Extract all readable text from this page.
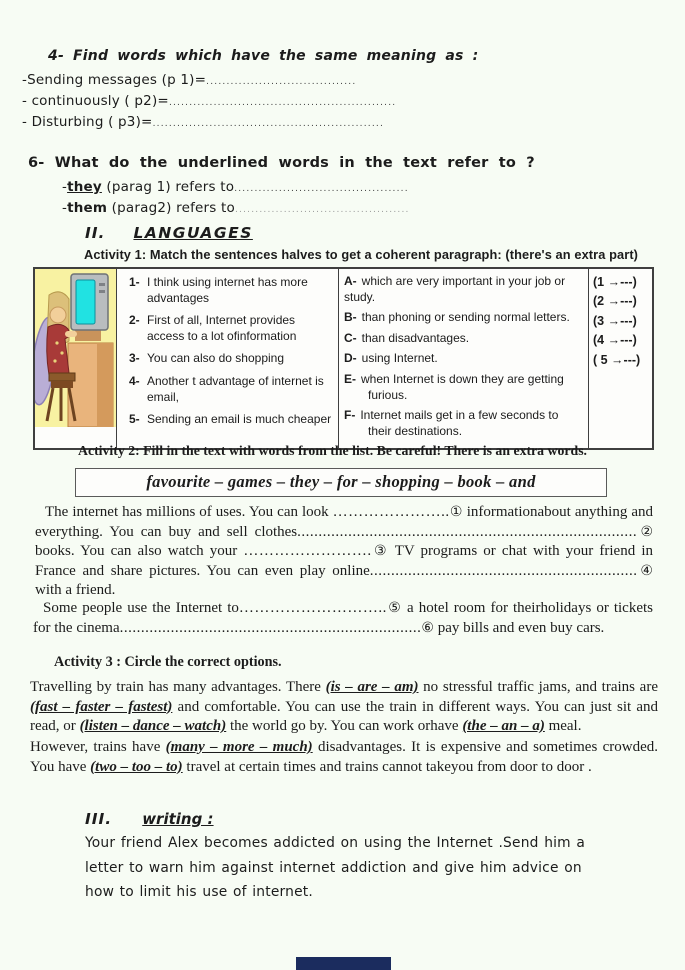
4- Find words which have the same meaning as :
-Sending messages (p 1)=.....................................
- continuously ( p2)=........................................................
- Disturbing ( p3)=.........................................................
6- What do the underlined words in the text refer to ?
-they (parag 1) refers to...........................................
-them (parag2) refers to...........................................
II. LANGUAGES
Activity 1: Match the sentences halves to get a coherent paragraph: (there's an extra part)
1- I think using internet has more advantages
2- First of all, Internet provides access to a lot ofinformation
3- You can also do shopping
4- Another t advantage of internet is email,
5- Sending an email is much cheaper
A- which are very important in your job or study.
B- than phoning or sending normal letters.
C- than disadvantages.
D- using Internet.
E- when Internet is down they are getting furious.
F- Internet mails get in a few seconds to their destinations.
(1 →---)
(2 →---)
(3 →---)
(4 →---)
( 5 →---)
Activity 2: Fill in the text with words from the list. Be careful! There is an extra words.
favourite – games – they – for – shopping – book – and
The internet has millions of uses. You can look …………………..① informationabout anything and everything. You can buy and sell clothes................................................................................② books. You can also watch your …………………….③ TV programs or chat with your friend in France and share pictures. You can even play online...............................................................④ with a friend.
Some people use the Internet to………………………..⑤ a hotel room for theirholidays or tickets for the cinema.......................................................................⑥ pay bills and even buy cars.
Activity 3 : Circle the correct options.
Travelling by train has many advantages. There (is – are – am) no stressful traffic jams, and trains are (fast – faster – fastest) and comfortable. You can use the train in different ways. You can just sit and read, or (listen – dance – watch) the world go by. You can work orhave (the – an – a) meal.
However, trains have (many – more – much) disadvantages. It is expensive and sometimes crowded. You have (two – too – to) travel at certain times and trains cannot takeyou from door to door .
III. writing :
Your friend Alex becomes addicted on using the Internet .Send him a letter to warn him against internet addiction and give him advice on how to limit his use of internet.
